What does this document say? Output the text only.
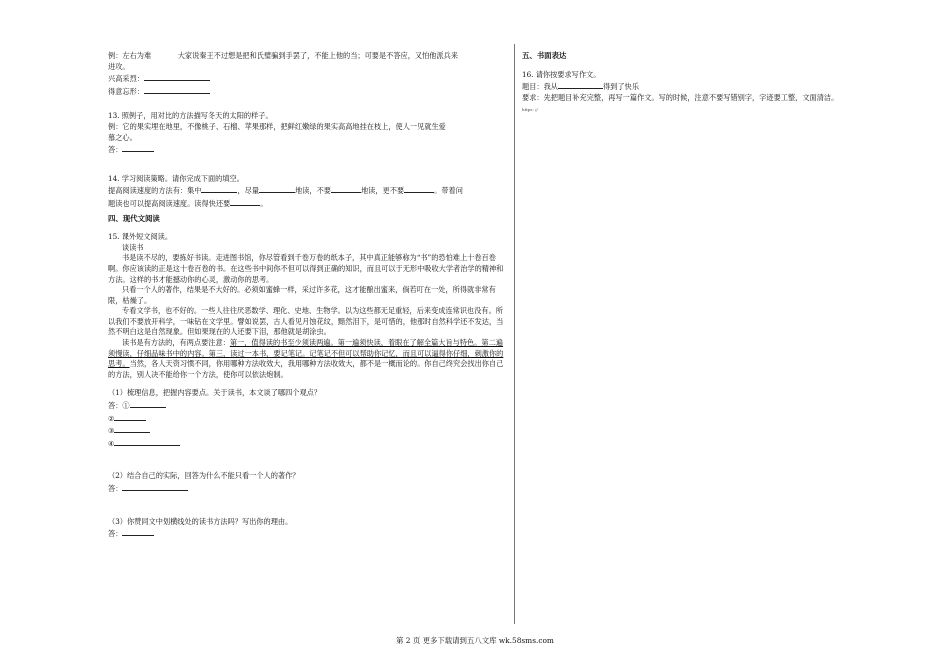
例：左右为难	大家说秦王不过想是把和氏璧骗到手罢了，不能上他的当；可要是不答应，又怕他派兵来
进攻。
兴高采烈：
得意忘形：
13. 照例子，用对比的方法描写冬天的太阳的样子。
例：它的果实埋在地里，不像桃子、石榴、苹果那样，把鲜红嫩绿的果实高高地挂在枝上，使人一见就生爱
慕之心。
答：
14. 学习阅读策略。请你完成下面的填空。
提高阅读速度的方法有：集中	，尽量	地读，不要	地读，更不要	。带着问
题读也可以提高阅读速度。读得快还要	。
四、现代文阅读
15. 课外短文阅读。
谈读书
书是读不尽的，要拣好书读。走进图书馆，你尽管看到千卷万卷的纸本子，其中真正能够称为“书”的恐怕难上十卷百卷啊。你应该读的正是这十卷百卷的书。在这些书中间你不但可以得到正确的知识，而且可以于无形中吸收大学者治学的精神和方法。这样的书才能撼动你的心灵，激动你的思考。
只看一个人的著作，结果是不大好的。必须如蜜蜂一样，采过许多花，这才能酿出蜜来，倘若叮在一处，所得就非常有限，枯燥了。
专看文学书，也不好的。一些人往往厌恶数学、理化、史地、生物学。以为这些都无足重轻，后来变成连常识也没有。所以我们不要放开科学，一味钻在文学里。譬如说罢，古人看见月蚀花纹，黯然泪下，是可惜的，他那时自然科学还不发达，当然不明白这是自然现象。但如果现在的人还要下泪，那他就是胡涂虫。
读书是有方法的，有两点要注意：第一，值得读的书至少须读两遍。第一遍须快读，着眼在了解全篇大旨与特色。第二遍须慢读，仔细品味书中的内容。第三，读过一本书，要记笔记。记笔记不但可以帮助你记忆，而且可以逼得你仔细，刺激你的思考。当然，各人天资习惯不同，你用哪种方法收效大，我用哪种方法收效大，都不是一概而论的。你自己终究会找出你自己的方法，别人决不能给你一个方法，使你可以依法炮制。
（1）梳理信息，把握内容要点。关于读书，本文谈了哪四个观点？
答：①
②
③
④
（2）结合自己的实际，回答为什么不能只看一个人的著作？
答：
（3）你赞同文中划横线处的读书方法吗？写出你的理由。
答：
五、书面表达
16. 请你按要求写作文。
题目：我从	得到了快乐
要求：先把题目补充完整，再写一篇作文。写的时候，注意不要写错别字，字迹要工整，文面清洁。
https: //
第 2 页 更多下载请到五八文库 wk.58sms.com
